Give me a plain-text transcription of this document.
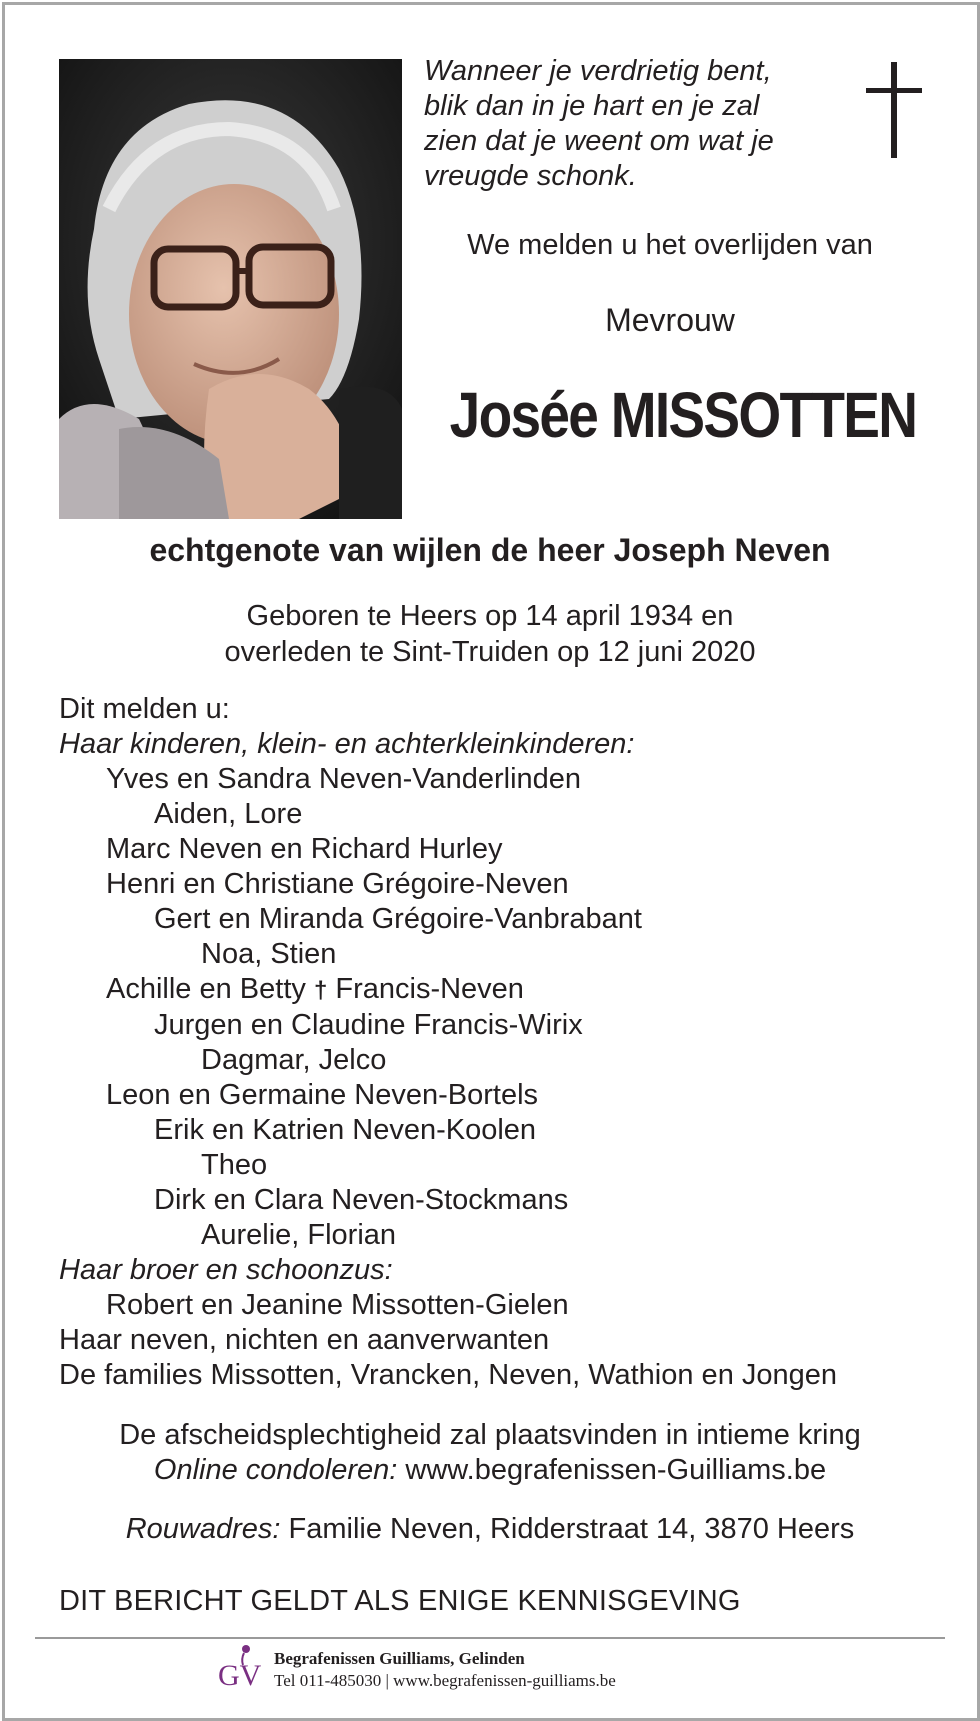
Wanneer je verdrietig bent,
blik dan in je hart en je zal
zien dat je weent om wat je
vreugde schonk.
We melden u het overlijden van
Mevrouw
Josée MISSOTTEN
echtgenote van wijlen de heer Joseph Neven
Geboren te Heers op 14 april 1934 en
overleden te Sint-Truiden op 12 juni 2020
Dit melden u:
Haar kinderen, klein- en achterkleinkinderen:
Yves en Sandra Neven-Vanderlinden
Aiden, Lore
Marc Neven en Richard Hurley
Henri en Christiane Grégoire-Neven
Gert en Miranda Grégoire-Vanbrabant
Noa, Stien
Achille en Betty † Francis-Neven
Jurgen en Claudine Francis-Wirix
Dagmar, Jelco
Leon en Germaine Neven-Bortels
Erik en Katrien Neven-Koolen
Theo
Dirk en Clara Neven-Stockmans
Aurelie, Florian
Haar broer en schoonzus:
Robert en Jeanine Missotten-Gielen
Haar neven, nichten en aanverwanten
De families Missotten, Vrancken, Neven, Wathion en Jongen
De afscheidsplechtigheid zal plaatsvinden in intieme kring
Online condoleren: www.begrafenissen-Guilliams.be
Rouwadres: Familie Neven, Ridderstraat 14, 3870 Heers
DIT BERICHT GELDT ALS ENIGE KENNISGEVING
GV
Begrafenissen Guilliams, Gelinden
Tel 011-485030 | www.begrafenissen-guilliams.be
